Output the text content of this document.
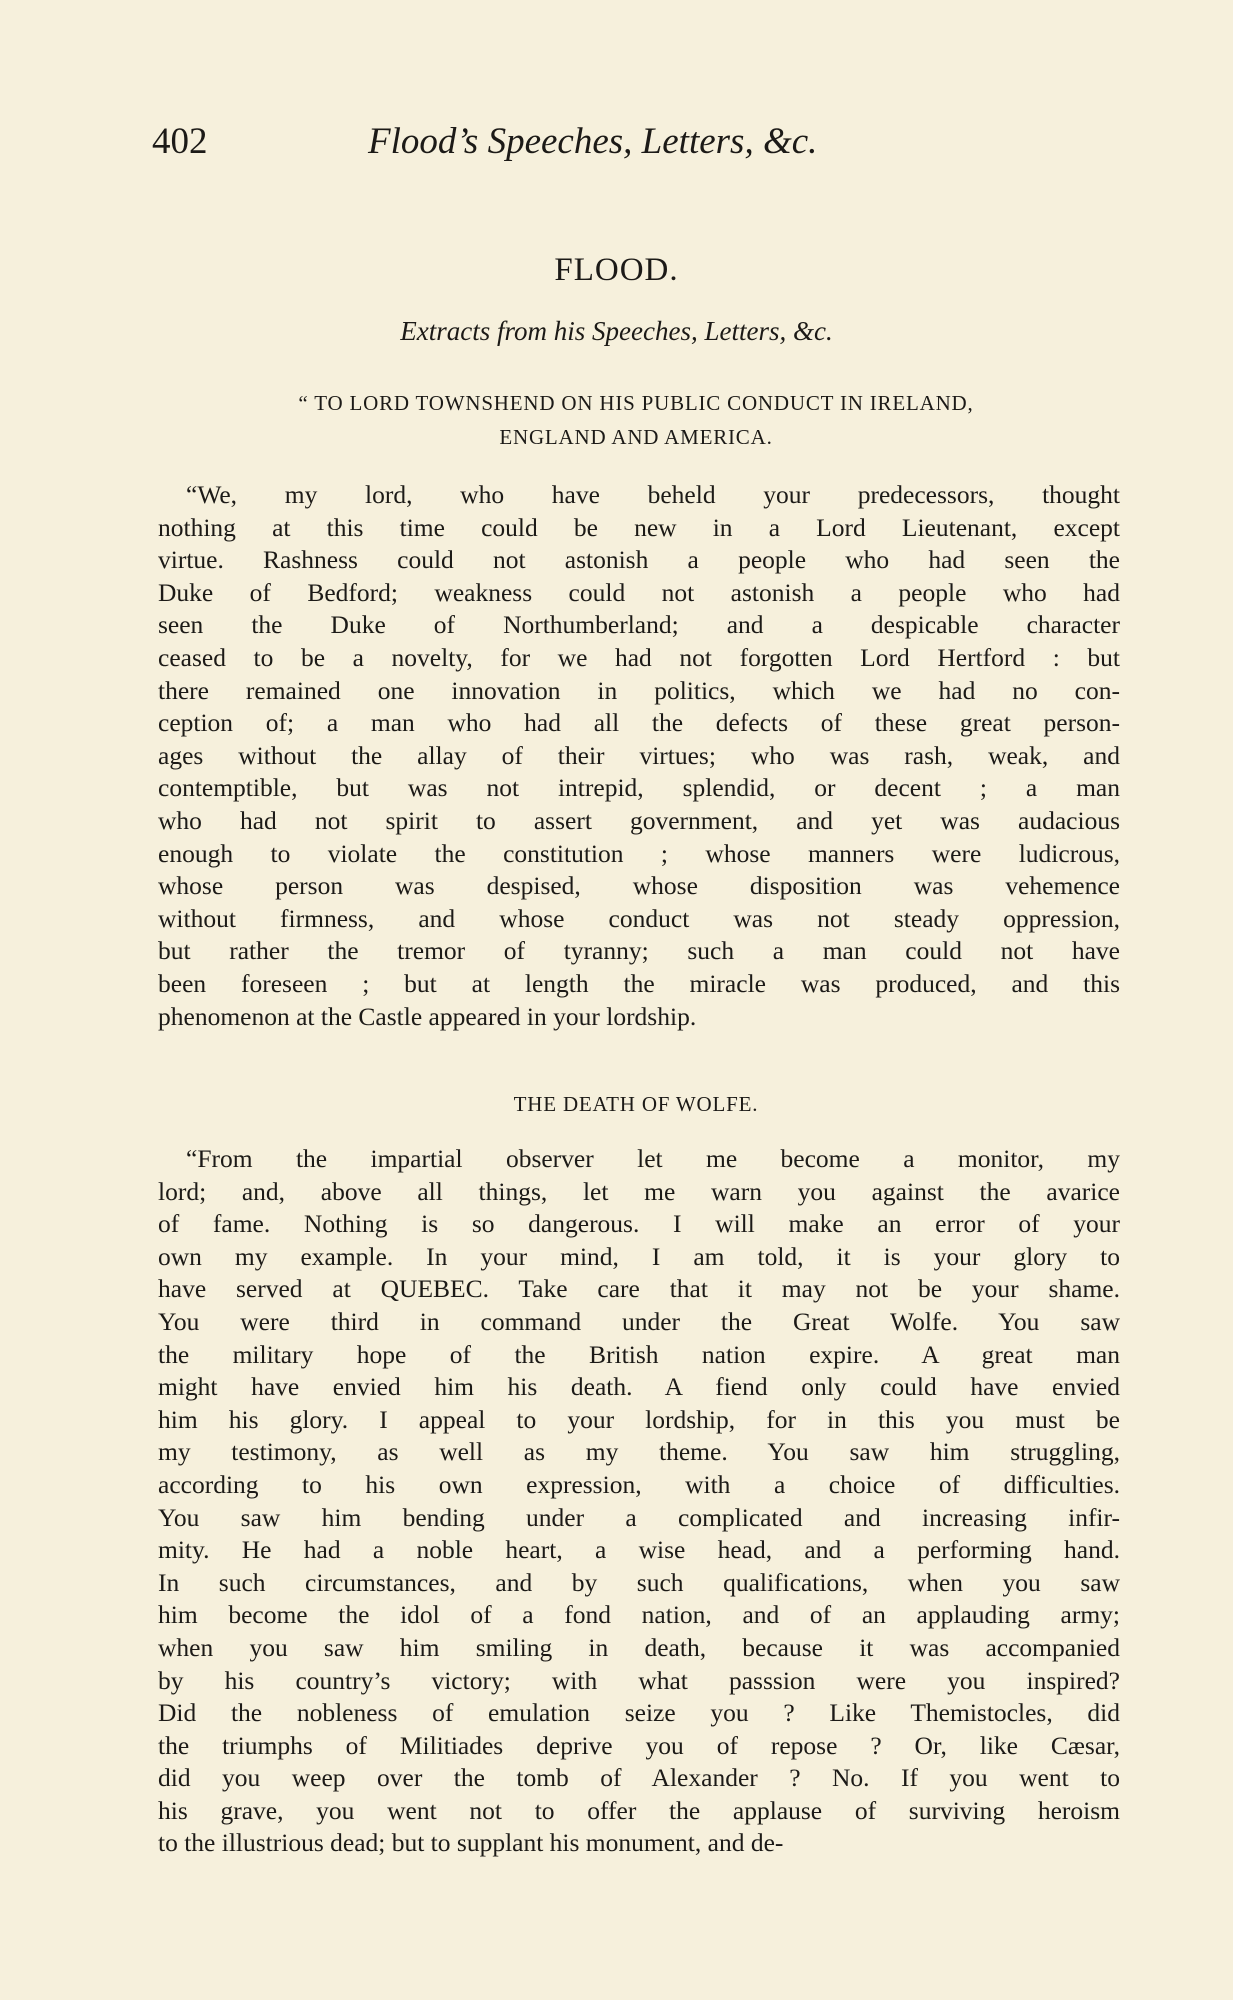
402	Flood’s Speeches, Letters, &c.
FLOOD.
Extracts from his Speeches, Letters, &c.
“ TO LORD TOWNSHEND ON HIS PUBLIC CONDUCT IN IRELAND,
ENGLAND AND AMERICA.
“We, my lord, who have beheld your predecessors, thought
nothing at this time could be new in a Lord Lieutenant, except
virtue. Rashness could not astonish a people who had seen the
Duke of Bedford; weakness could not astonish a people who had
seen the Duke of Northumberland; and a despicable character
ceased to be a novelty, for we had not forgotten Lord Hertford : but
there remained one innovation in politics, which we had no con-
ception of; a man who had all the defects of these great person-
ages without the allay of their virtues; who was rash, weak, and
contemptible, but was not intrepid, splendid, or decent ; a man
who had not spirit to assert government, and yet was audacious
enough to violate the constitution ; whose manners were ludicrous,
whose person was despised, whose disposition was vehemence
without firmness, and whose conduct was not steady oppression,
but rather the tremor of tyranny; such a man could not have
been foreseen ; but at length the miracle was produced, and this
phenomenon at the Castle appeared in your lordship.
THE DEATH OF WOLFE.
“From the impartial observer let me become a monitor, my
lord; and, above all things, let me warn you against the avarice
of fame. Nothing is so dangerous. I will make an error of your
own my example. In your mind, I am told, it is your glory to
have served at QUEBEC. Take care that it may not be your shame.
You were third in command under the Great Wolfe. You saw
the military hope of the British nation expire. A great man
might have envied him his death. A fiend only could have envied
him his glory. I appeal to your lordship, for in this you must be
my testimony, as well as my theme. You saw him struggling,
according to his own expression, with a choice of difficulties.
You saw him bending under a complicated and increasing infir-
mity. He had a noble heart, a wise head, and a performing hand.
In such circumstances, and by such qualifications, when you saw
him become the idol of a fond nation, and of an applauding army;
when you saw him smiling in death, because it was accompanied
by his country’s victory; with what passsion were you inspired?
Did the nobleness of emulation seize you ? Like Themistocles, did
the triumphs of Militiades deprive you of repose ? Or, like Cæsar,
did you weep over the tomb of Alexander ? No. If you went to
his grave, you went not to offer the applause of surviving heroism
to the illustrious dead; but to supplant his monument, and de-
